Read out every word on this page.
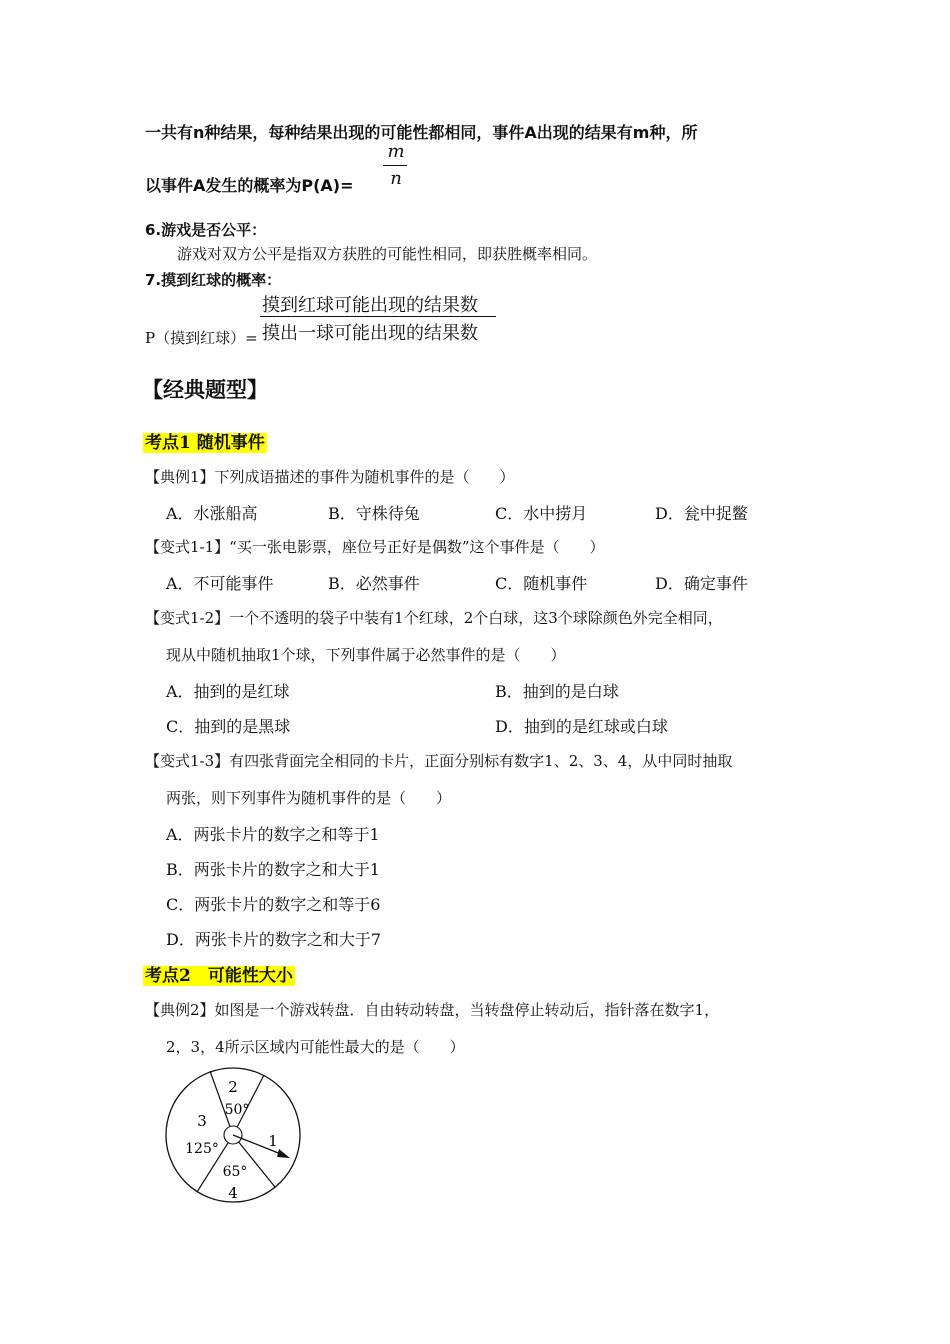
一共有n种结果，每种结果出现的可能性都相同，事件A出现的结果有m种，所
以事件A发生的概率为P(A)=
m
n
6.游戏是否公平：
游戏对双方公平是指双方获胜的可能性相同，即获胜概率相同。
7.摸到红球的概率：
P（摸到红球）=
摸到红球可能出现的结果数
摸出一球可能出现的结果数
【经典题型】
考点1 随机事件
【典例1】下列成语描述的事件为随机事件的是（　　）
A．水涨船高	B．守株待兔	C．水中捞月	D．瓮中捉鳖
【变式1-1】“买一张电影票，座位号正好是偶数”这个事件是（　　）
A．不可能事件	B．必然事件	C．随机事件	D．确定事件
【变式1-2】一个不透明的袋子中装有1个红球，2个白球，这3个球除颜色外完全相同，
现从中随机抽取1个球，下列事件属于必然事件的是（　　）
A．抽到的是红球	B．抽到的是白球
C．抽到的是黑球	D．抽到的是红球或白球
【变式1-3】有四张背面完全相同的卡片，正面分别标有数字1、2、3、4，从中同时抽取
两张，则下列事件为随机事件的是（　　）
A．两张卡片的数字之和等于1
B．两张卡片的数字之和大于1
C．两张卡片的数字之和等于6
D．两张卡片的数字之和大于7
考点2　可能性大小
【典例2】如图是一个游戏转盘．自由转动转盘，当转盘停止转动后，指针落在数字1，
2，3，4所示区域内可能性最大的是（　　）
2
50°
3
125°	1
65°
4
